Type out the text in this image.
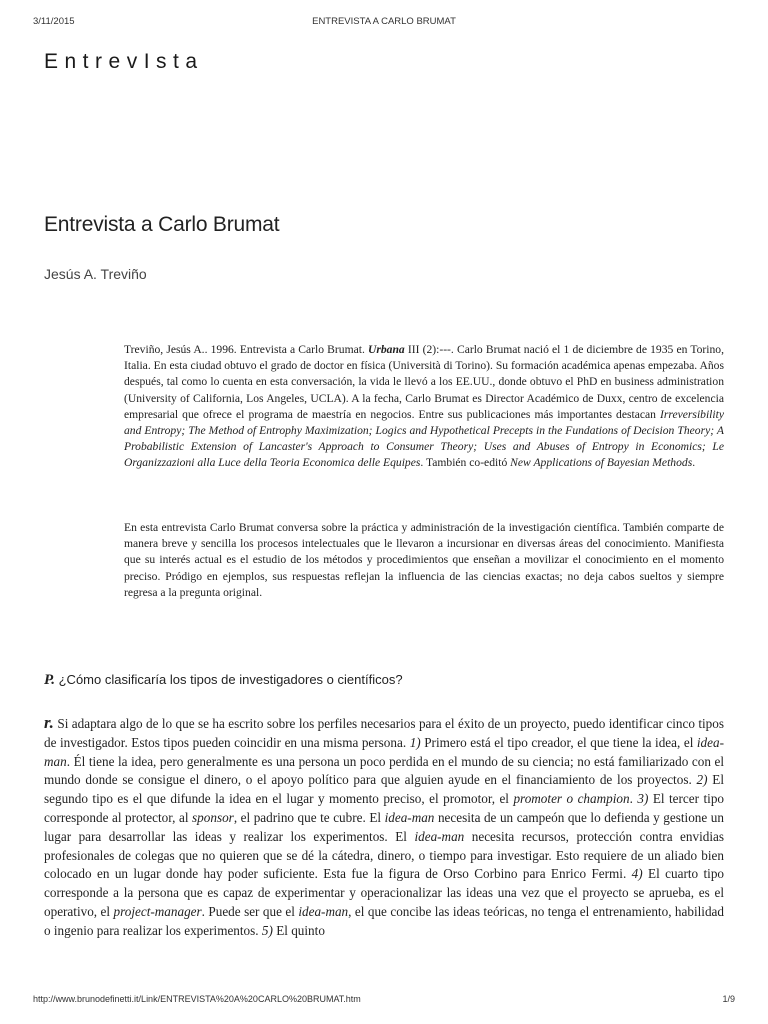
3/11/2015	ENTREVISTA A CARLO BRUMAT
EntrevIsta
Entrevista a Carlo Brumat
Jesús A. Treviño

Treviño, Jesús A.. 1996. Entrevista a Carlo Brumat. Urbana III (2):---. Carlo Brumat nació el 1 de diciembre de 1935 en Torino, Italia. En esta ciudad obtuvo el grado de doctor en física (Università di Torino). Su formación académica apenas empezaba. Años después, tal como lo cuenta en esta conversación, la vida le llevó a los EE.UU., donde obtuvo el PhD en business administration (University of California, Los Angeles, UCLA). A la fecha, Carlo Brumat es Director Académico de Duxx, centro de excelencia empresarial que ofrece el programa de maestría en negocios. Entre sus publicaciones más importantes destacan Irreversibility and Entropy; The Method of Entrophy Maximization; Logics and Hypothetical Precepts in the Fundations of Decision Theory; A Probabilistic Extension of Lancaster's Approach to Consumer Theory; Uses and Abuses of Entropy in Economics; Le Organizzazioni alla Luce della Teoria Economica delle Equipes. También co-editó New Applications of Bayesian Methods.

En esta entrevista Carlo Brumat conversa sobre la práctica y administración de la investigación científica. También comparte de manera breve y sencilla los procesos intelectuales que le llevaron a incursionar en diversas áreas del conocimiento. Manifiesta que su interés actual es el estudio de los métodos y procedimientos que enseñan a movilizar el conocimiento en el momento preciso. Pródigo en ejemplos, sus respuestas reflejan la influencia de las ciencias exactas; no deja cabos sueltos y siempre regresa a la pregunta original.

P. ¿Cómo clasificaría los tipos de investigadores o científicos?

r. Si adaptara algo de lo que se ha escrito sobre los perfiles necesarios para el éxito de un proyecto, puedo identificar cinco tipos de investigador. Estos tipos pueden coincidir en una misma persona. 1) Primero está el tipo creador, el que tiene la idea, el idea-man. Él tiene la idea, pero generalmente es una persona un poco perdida en el mundo de su ciencia; no está familiarizado con el mundo donde se consigue el dinero, o el apoyo político para que alguien ayude en el financiamiento de los proyectos. 2) El segundo tipo es el que difunde la idea en el lugar y momento preciso, el promotor, el promoter o champion. 3) El tercer tipo corresponde al protector, al sponsor, el padrino que te cubre. El idea-man necesita de un campeón que lo defienda y gestione un lugar para desarrollar las ideas y realizar los experimentos. El idea-man necesita recursos, protección contra envidias profesionales de colegas que no quieren que se dé la cátedra, dinero, o tiempo para investigar. Esto requiere de un aliado bien colocado en un lugar donde hay poder suficiente. Esta fue la figura de Orso Corbino para Enrico Fermi. 4) El cuarto tipo corresponde a la persona que es capaz de experimentar y operacionalizar las ideas una vez que el proyecto se aprueba, es el operativo, el project-manager. Puede ser que el idea-man, el que concibe las ideas teóricas, no tenga el entrenamiento, habilidad o ingenio para realizar los experimentos. 5) El quinto

http://www.brunodefinetti.it/Link/ENTREVISTA%20A%20CARLO%20BRUMAT.htm	1/9
